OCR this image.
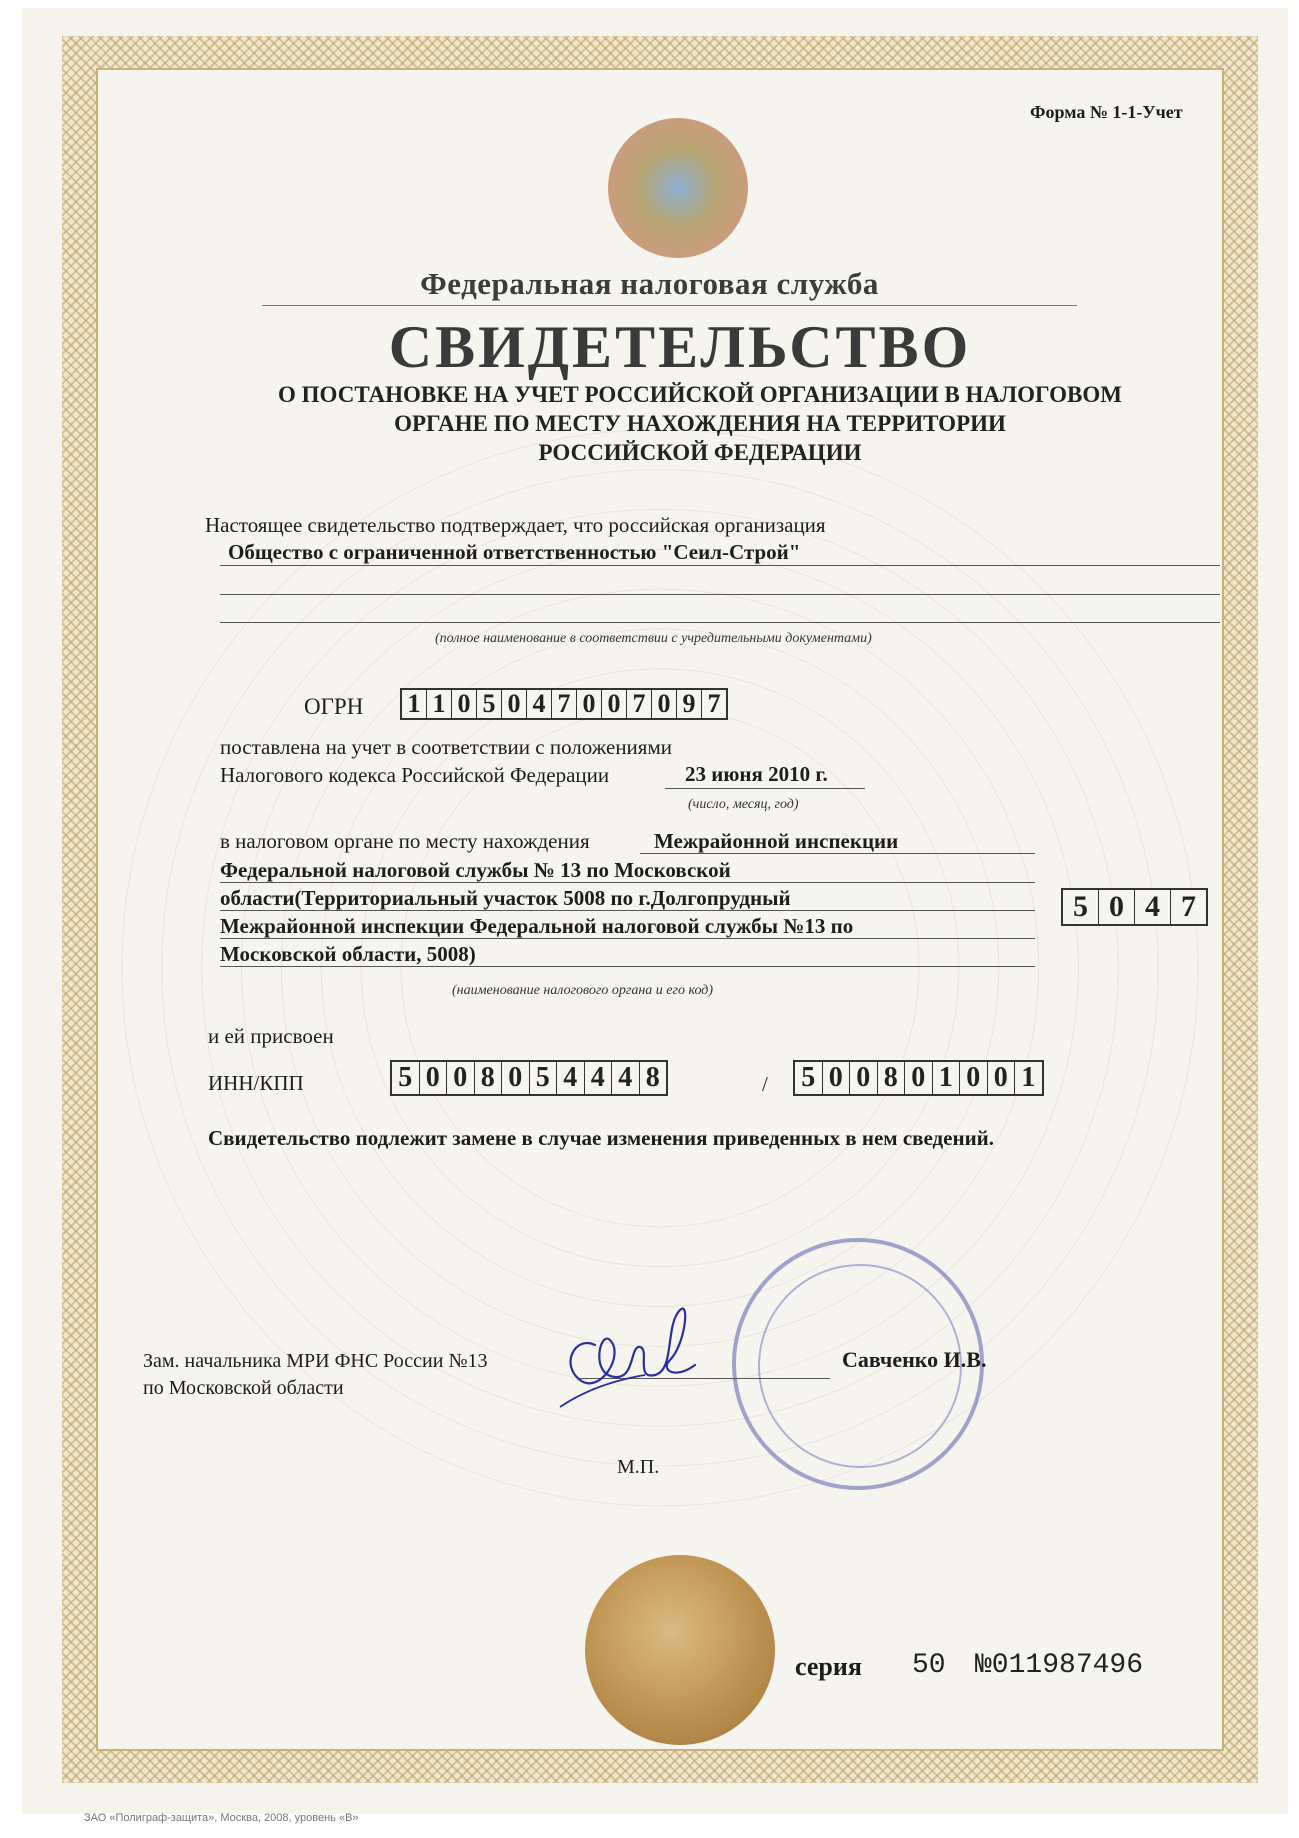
Форма № 1-1-Учет
Федеральная налоговая служба
СВИДЕТЕЛЬСТВО
О ПОСТАНОВКЕ НА УЧЕТ РОССИЙСКОЙ ОРГАНИЗАЦИИ В НАЛОГОВОМ
ОРГАНЕ ПО МЕСТУ НАХОЖДЕНИЯ НА ТЕРРИТОРИИ
РОССИЙСКОЙ ФЕДЕРАЦИИ
Настоящее свидетельство подтверждает, что российская организация
Общество с ограниченной ответственностью "Сеил-Строй"
(полное наименование в соответствии с учредительными документами)
ОГРН 1 1 0 5 0 4 7 0 0 7 0 9 7
поставлена на учет в соответствии с положениями
Налогового кодекса Российской Федерации	23 июня 2010 г.
(число, месяц, год)
в налоговом органе по месту нахождения	Межрайонной инспекции
Федеральной налоговой службы № 13 по Московской
области(Территориальный участок 5008 по г.Долгопрудный
Межрайонной инспекции Федеральной налоговой службы №13 по
Московской области, 5008)
5 0 4 7
(наименование налогового органа и его код)
и ей присвоен
ИНН/КПП	5 0 0 8 0 5 4 4 4 8	/ 5 0 0 8 0 1 0 0 1
Свидетельство подлежит замене в случае изменения приведенных в нем сведений.
Зам. начальника МРИ ФНС России №13
по Московской области
Савченко И.В.
М.П.
серия 50 №011987496
ЗАО «Полиграф-защита», Москва, 2008, уровень «В»
